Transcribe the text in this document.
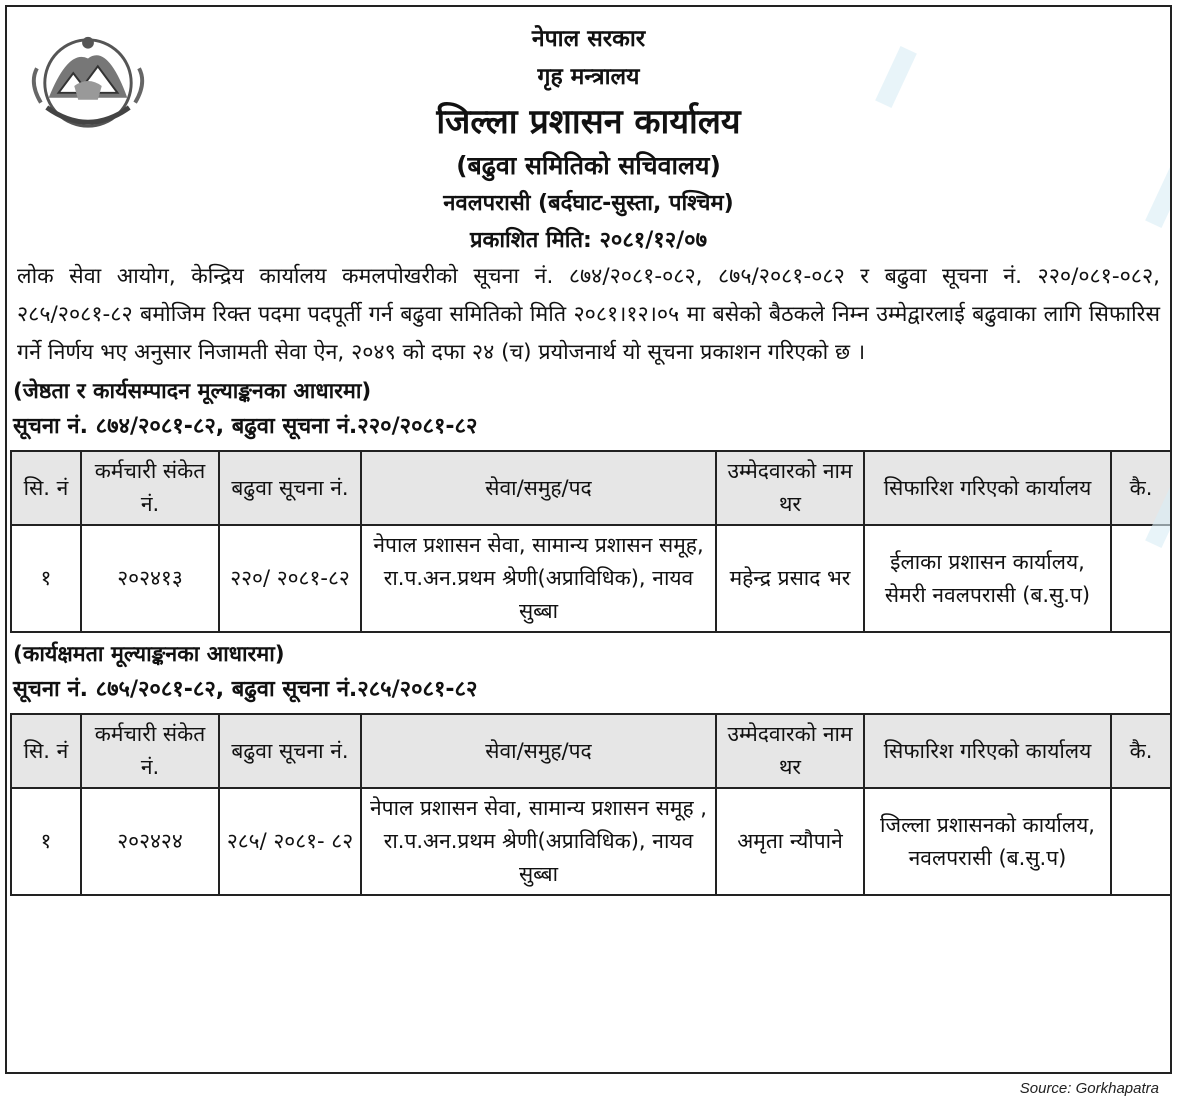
नेपाल सरकार
गृह मन्त्रालय
जिल्ला प्रशासन कार्यालय
(बढुवा समितिको सचिवालय)
नवलपरासी (बर्दघाट-सुस्ता, पश्चिम)
प्रकाशित मिति: २०८१/१२/०७
लोक सेवा आयोग, केन्द्रिय कार्यालय कमलपोखरीको सूचना नं. ८७४/२०८१-०८२, ८७५/२०८१-०८२ र बढुवा सूचना नं. २२०/०८१-०८२, २८५/२०८१-८२ बमोजिम रिक्त पदमा पदपूर्ती गर्न बढुवा समितिको मिति २०८१।१२।०५ मा बसेको बैठकले निम्न उम्मेद्वारलाई बढुवाका लागि सिफारिस गर्ने निर्णय भए अनुसार निजामती सेवा ऐन, २०४९ को दफा २४ (च) प्रयोजनार्थ यो सूचना प्रकाशन गरिएको छ ।
(जेष्ठता र कार्यसम्पादन मूल्याङ्कनका आधारमा)
सूचना नं. ८७४/२०८१-८२, बढुवा सूचना नं.२२०/२०८१-८२
सि. नं	कर्मचारी संकेत नं.	बढुवा सूचना नं.	सेवा/समुह/पद	उम्मेदवारको नाम थर	सिफारिश गरिएको कार्यालय	कै.
१	२०२४१३	२२०/ २०८१-८२	नेपाल प्रशासन सेवा, सामान्य प्रशासन समूह, रा.प.अन.प्रथम श्रेणी(अप्राविधिक), नायव सुब्बा	महेन्द्र प्रसाद भर	ईलाका प्रशासन कार्यालय, सेमरी नवलपरासी (ब.सु.प)	
(कार्यक्षमता मूल्याङ्कनका आधारमा)
सूचना नं. ८७५/२०८१-८२, बढुवा सूचना नं.२८५/२०८१-८२
सि. नं	कर्मचारी संकेत नं.	बढुवा सूचना नं.	सेवा/समुह/पद	उम्मेदवारको नाम थर	सिफारिश गरिएको कार्यालय	कै.
१	२०२४२४	२८५/ २०८१- ८२	नेपाल प्रशासन सेवा, सामान्य प्रशासन समूह , रा.प.अन.प्रथम श्रेणी(अप्राविधिक), नायव सुब्बा	अमृता न्यौपाने	जिल्ला प्रशासनको कार्यालय, नवलपरासी (ब.सु.प)	
Source: Gorkhapatra
